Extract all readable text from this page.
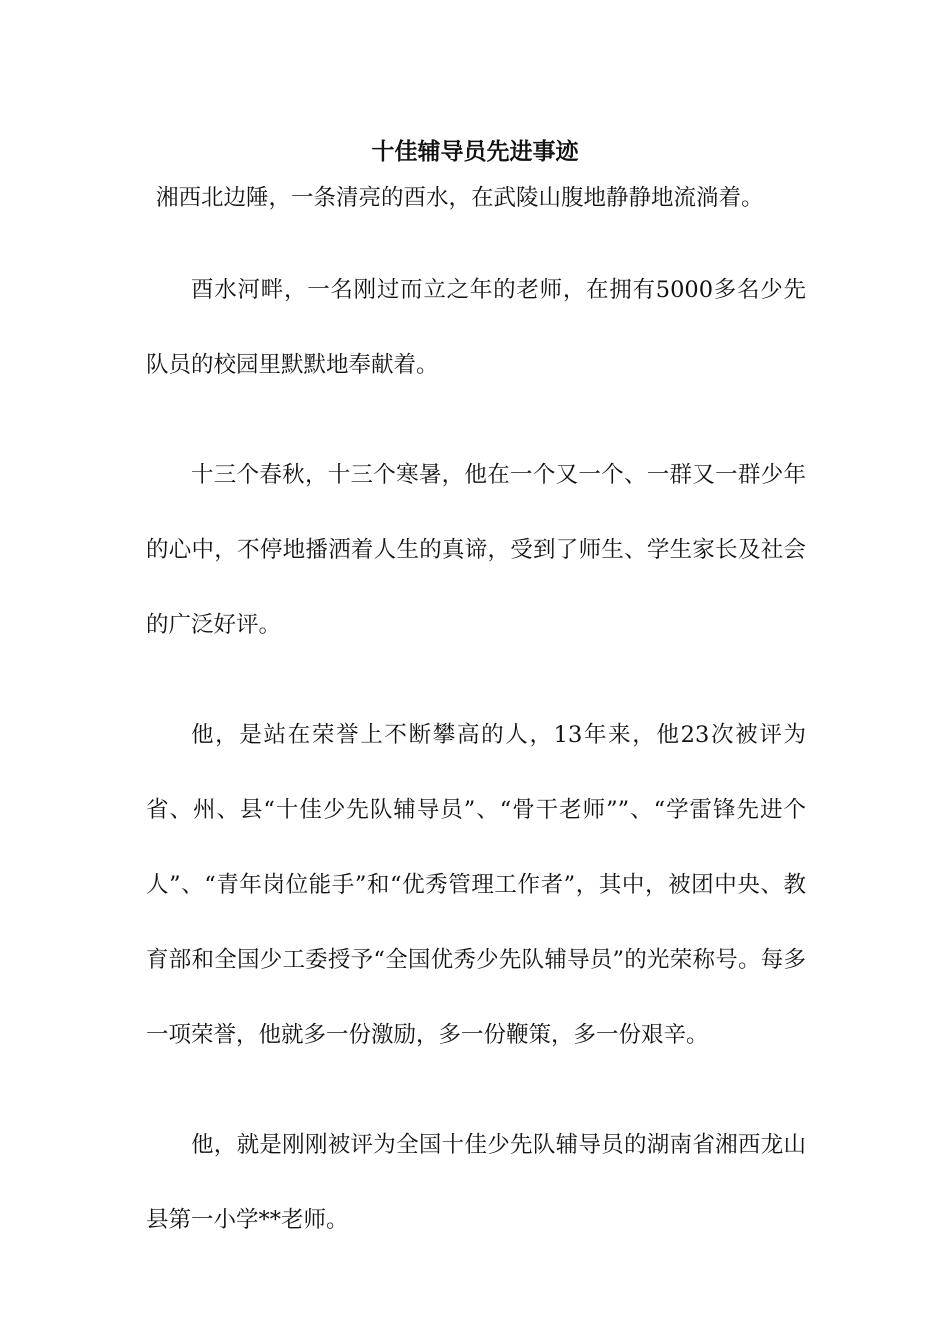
十佳辅导员先进事迹

湘西北边陲，一条清亮的酉水，在武陵山腹地静静地流淌着。

酉水河畔，一名刚过而立之年的老师，在拥有5000多名少先队员的校园里默默地奉献着。

十三个春秋，十三个寒暑，他在一个又一个、一群又一群少年的心中，不停地播洒着人生的真谛，受到了师生、学生家长及社会的广泛好评。

他，是站在荣誉上不断攀高的人，13年来，他23次被评为省、州、县“十佳少先队辅导员”、“骨干老师””、“学雷锋先进个人”、“青年岗位能手”和“优秀管理工作者”，其中，被团中央、教育部和全国少工委授予“全国优秀少先队辅导员”的光荣称号。每多一项荣誉，他就多一份激励，多一份鞭策，多一份艰辛。

他，就是刚刚被评为全国十佳少先队辅导员的湖南省湘西龙山县第一小学**老师。
